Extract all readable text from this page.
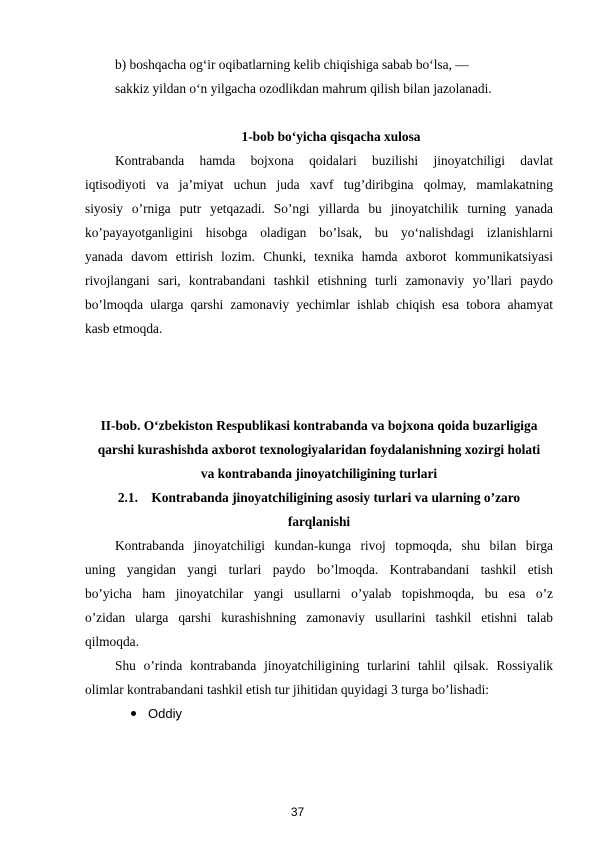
b) boshqacha og‘ir oqibatlarning kelib chiqishiga sabab bo‘lsa, —
sakkiz yildan o‘n yilgacha ozodlikdan mahrum qilish bilan jazolanadi.
1-bob bo‘yicha qisqacha xulosa
Kontrabanda hamda bojxona qoidalari buzilishi jinoyatchiligi davlat
iqtisodiyoti va ja’miyat uchun juda xavf tug’diribgina qolmay, mamlakatning
siyosiy o’rniga putr yetqazadi. So’ngi yillarda bu jinoyatchilik turning yanada
ko’payayotganligini hisobga oladigan bo’lsak, bu yo‘nalishdagi izlanishlarni
yanada davom ettirish lozim. Chunki, texnika hamda axborot kommunikatsiyasi
rivojlangani sari, kontrabandani tashkil etishning turli zamonaviy yo’llari paydo
bo’lmoqda ularga qarshi zamonaviy yechimlar ishlab chiqish esa tobora ahamyat
kasb etmoqda.
II-bob. O‘zbekiston Respublikasi kontrabanda va bojxona qoida buzarligiga
qarshi kurashishda axborot texnologiyalaridan foydalanishning xozirgi holati
va kontrabanda jinoyatchiligining turlari
2.1.    Kontrabanda jinoyatchiligining asosiy turlari va ularning o’zaro
farqlanishi
Kontrabanda jinoyatchiligi kundan-kunga rivoj topmoqda, shu bilan birga
uning yangidan yangi turlari paydo bo’lmoqda. Kontrabandani tashkil etish
bo’yicha ham jinoyatchilar yangi usullarni o’yalab topishmoqda, bu esa o’z
o’zidan ularga qarshi kurashishning zamonaviy usullarini tashkil etishni talab
qilmoqda.
Shu o’rinda kontrabanda jinoyatchiligining turlarini tahlil qilsak. Rossiyalik
olimlar kontrabandani tashkil etish tur jihitidan quyidagi 3 turga bo’lishadi:
Oddiy
37
